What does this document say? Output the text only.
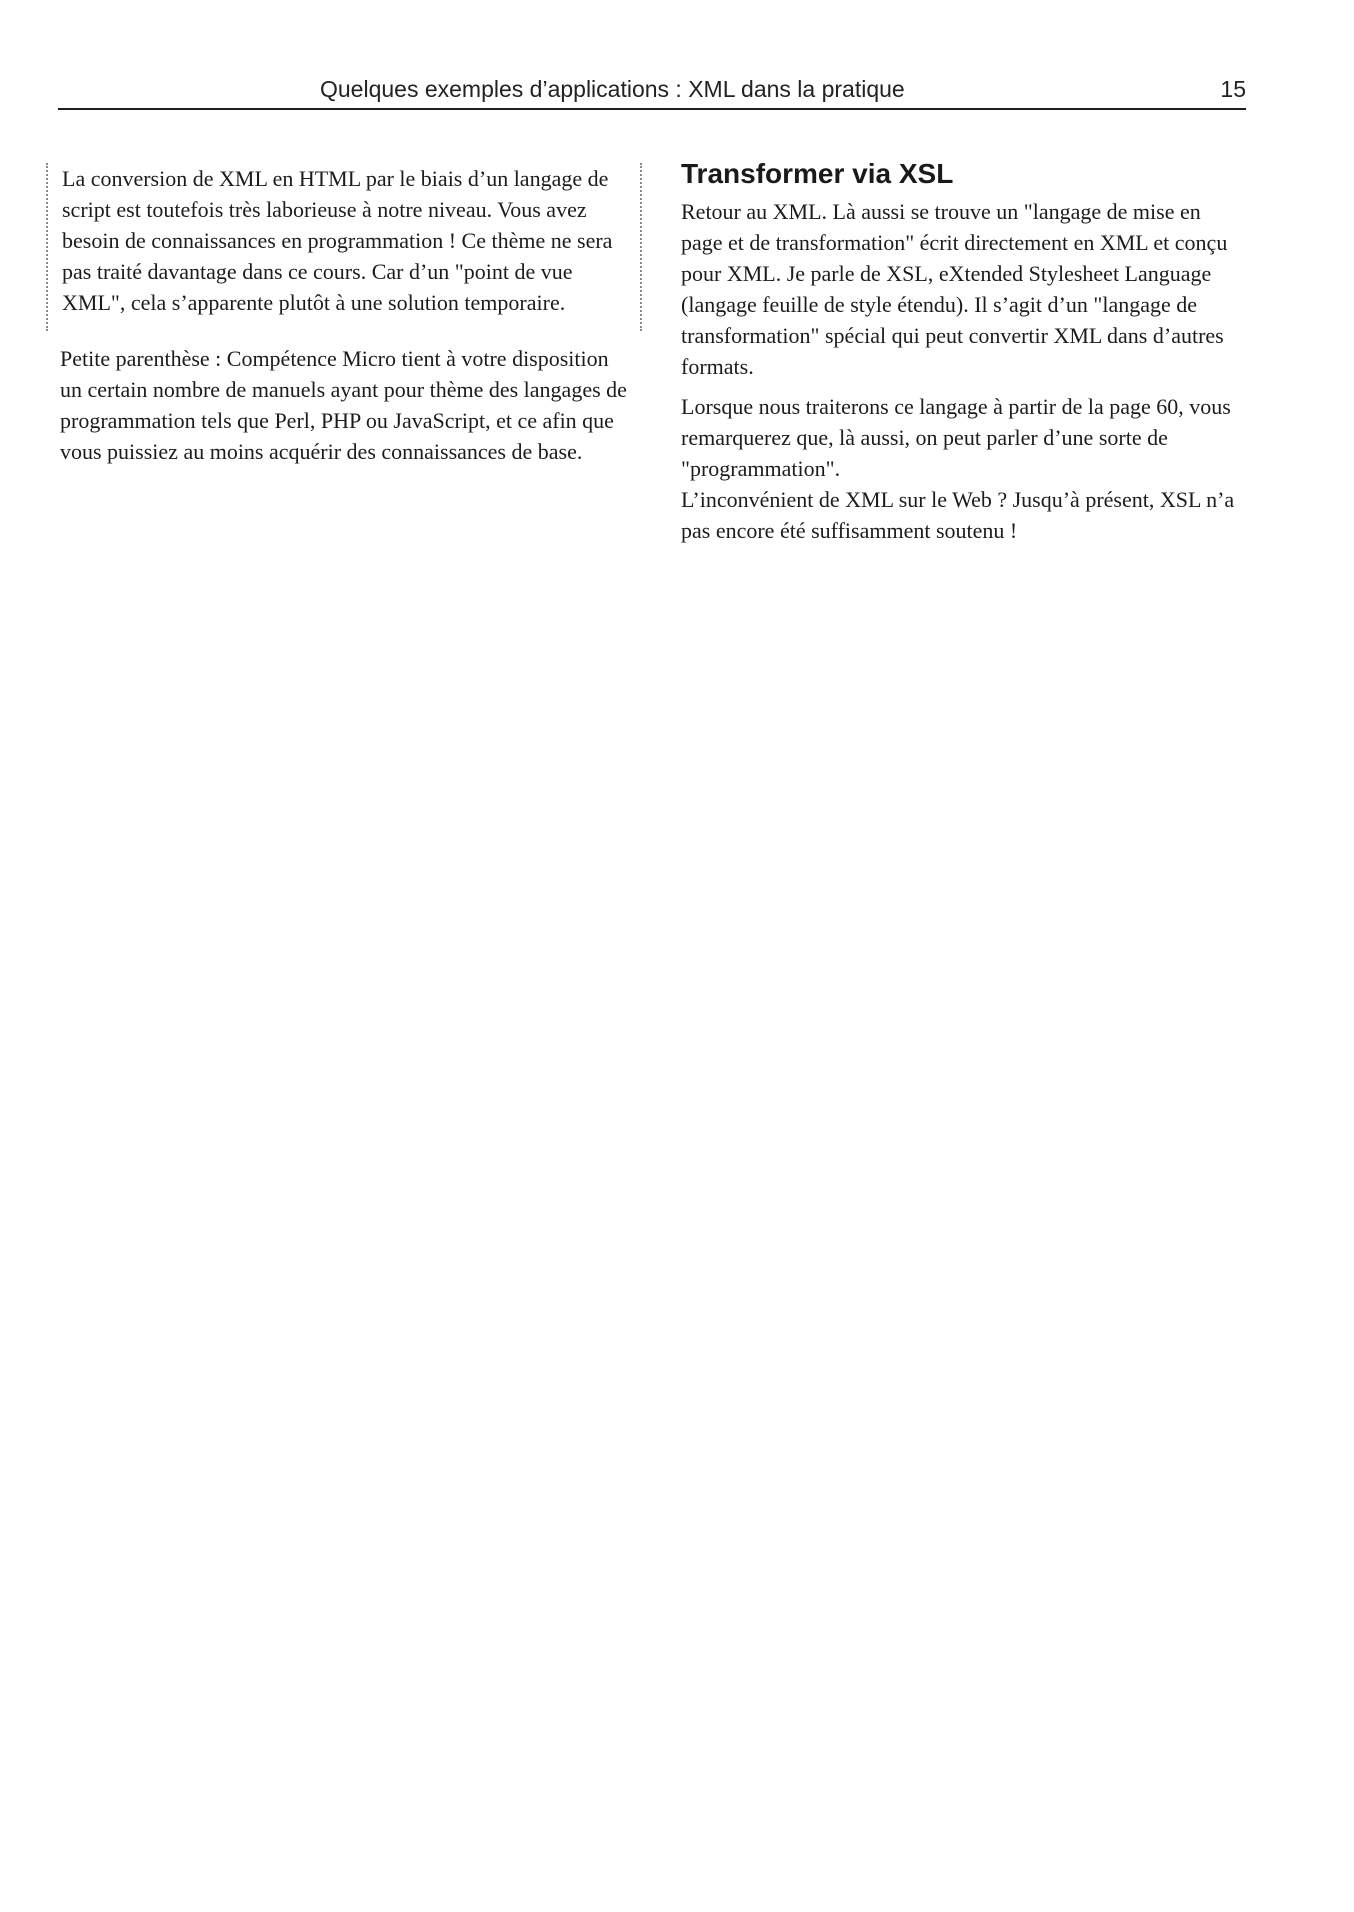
Quelques exemples d’applications : XML dans la pratique	15

La conversion de XML en HTML par le biais d’un langage de script est toutefois très laborieuse à notre niveau. Vous avez besoin de connaissances en programmation ! Ce thème ne sera pas traité davantage dans ce cours. Car d’un "point de vue XML", cela s’apparente plutôt à une solution temporaire.

Petite parenthèse : Compétence Micro tient à votre disposition un certain nombre de manuels ayant pour thème des langages de programmation tels que Perl, PHP ou JavaScript, et ce afin que vous puissiez au moins acquérir des connaissances de base.

Transformer via XSL

Retour au XML. Là aussi se trouve un "langage de mise en page et de transformation" écrit directement en XML et conçu pour XML. Je parle de XSL, eXtended Stylesheet Language (langage feuille de style étendu). Il s’agit d’un "langage de transformation" spécial qui peut convertir XML dans d’autres formats.

Lorsque nous traiterons ce langage à partir de la page 60, vous remarquerez que, là aussi, on peut parler d’une sorte de "programmation".

L’inconvénient de XML sur le Web ? Jusqu’à présent, XSL n’a pas encore été suffisamment soutenu !
